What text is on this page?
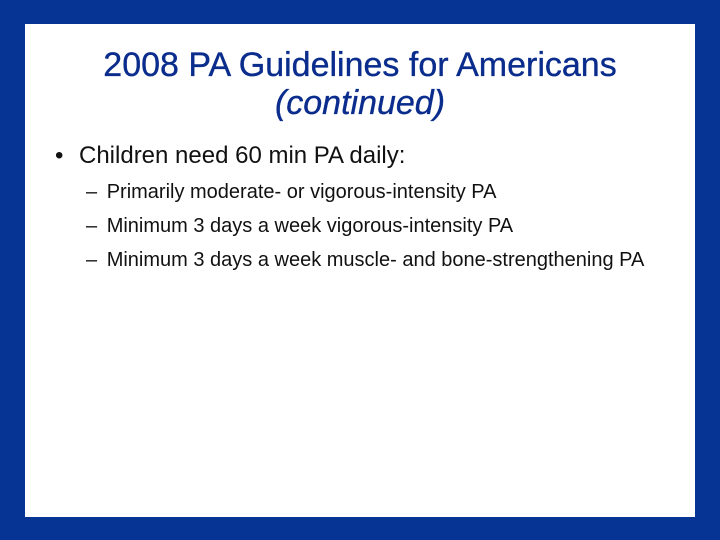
2008 PA Guidelines for Americans
(continued)
• Children need 60 min PA daily:
– Primarily moderate- or vigorous-intensity PA
– Minimum 3 days a week vigorous-intensity PA
– Minimum 3 days a week muscle- and bone-strengthening PA
